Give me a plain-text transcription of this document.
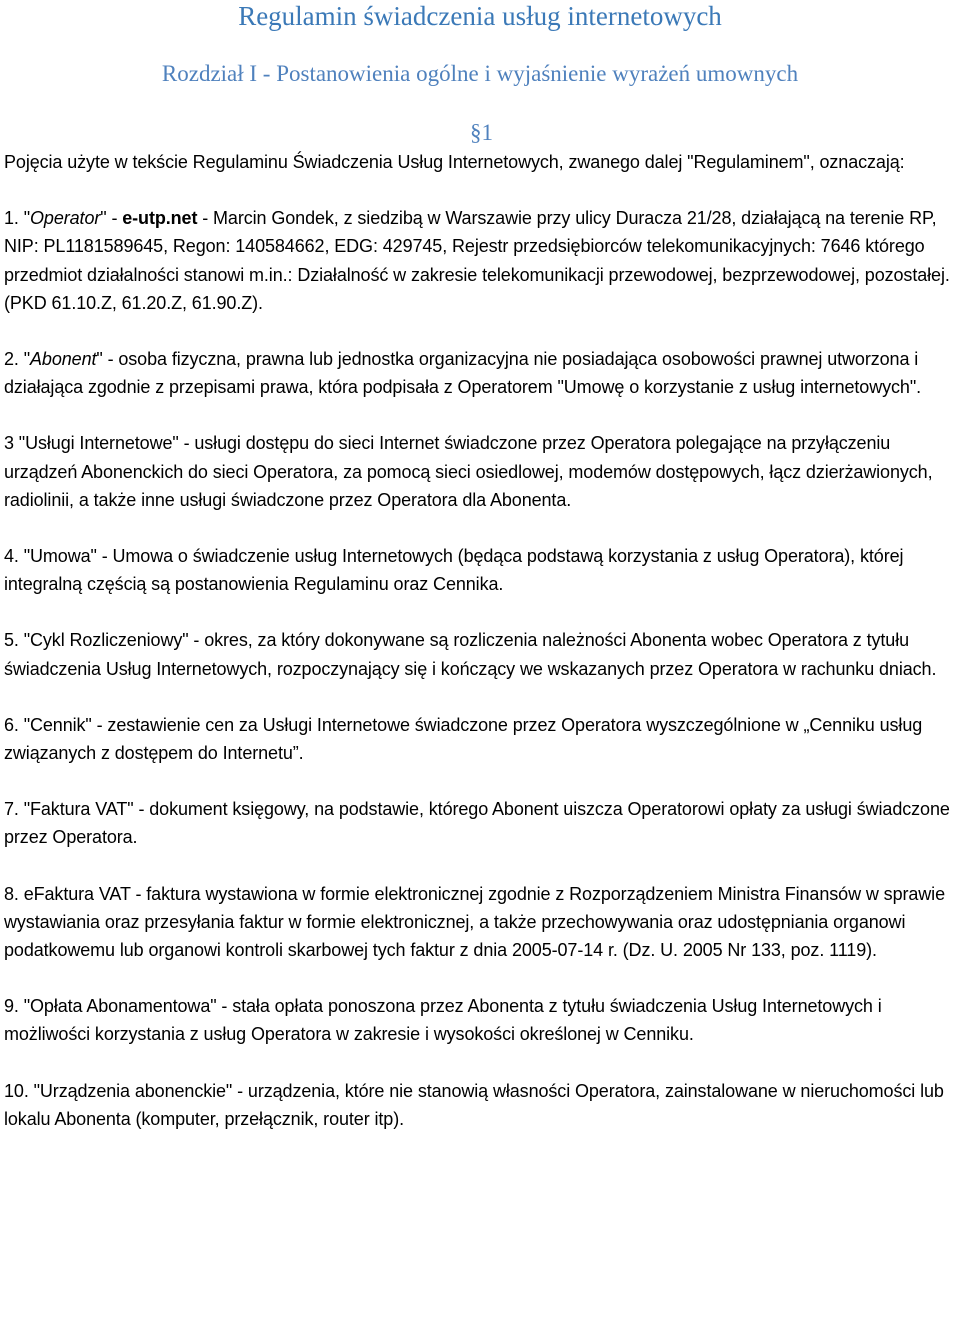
Regulamin świadczenia usług internetowych
Rozdział I - Postanowienia ogólne i wyjaśnienie wyrażeń umownych
§1

Pojęcia użyte w tekście Regulaminu Świadczenia Usług Internetowych, zwanego dalej "Regulaminem", oznaczają:

1. "Operator" - e-utp.net - Marcin Gondek, z siedzibą w Warszawie przy ulicy Duracza 21/28, działającą na terenie RP, NIP: PL1181589645, Regon: 140584662, EDG: 429745, Rejestr przedsiębiorców telekomunikacyjnych: 7646 którego przedmiot działalności stanowi m.in.: Działalność w zakresie telekomunikacji przewodowej, bezprzewodowej, pozostałej. (PKD 61.10.Z, 61.20.Z, 61.90.Z).

2. "Abonent" - osoba fizyczna, prawna lub jednostka organizacyjna nie posiadająca osobowości prawnej utworzona i działająca zgodnie z przepisami prawa, która podpisała z Operatorem "Umowę o korzystanie z usług internetowych".

3 "Usługi Internetowe" - usługi dostępu do sieci Internet świadczone przez Operatora polegające na przyłączeniu urządzeń Abonenckich do sieci Operatora, za pomocą sieci osiedlowej, modemów dostępowych, łącz dzierżawionych, radiolinii, a także inne usługi świadczone przez Operatora dla Abonenta.

4. "Umowa" - Umowa o świadczenie usług Internetowych (będąca podstawą korzystania z usług Operatora), której integralną częścią są postanowienia Regulaminu oraz Cennika.

5. "Cykl Rozliczeniowy" - okres, za który dokonywane są rozliczenia należności Abonenta wobec Operatora z tytułu świadczenia Usług Internetowych, rozpoczynający się i kończący we wskazanych przez Operatora w rachunku dniach.

6. "Cennik" - zestawienie cen za Usługi Internetowe świadczone przez Operatora wyszczególnione w „Cenniku usług związanych z dostępem do Internetu”.

7. "Faktura VAT" - dokument księgowy, na podstawie, którego Abonent uiszcza Operatorowi opłaty za usługi świadczone przez Operatora.

8. eFaktura VAT - faktura wystawiona w formie elektronicznej zgodnie z Rozporządzeniem Ministra Finansów w sprawie wystawiania oraz przesyłania faktur w formie elektronicznej, a także przechowywania oraz udostępniania organowi podatkowemu lub organowi kontroli skarbowej tych faktur z dnia 2005-07-14 r. (Dz. U. 2005 Nr 133, poz. 1119).

9. "Opłata Abonamentowa" - stała opłata ponoszona przez Abonenta z tytułu świadczenia Usług Internetowych i możliwości korzystania z usług Operatora w zakresie i wysokości określonej w Cenniku.

10. "Urządzenia abonenckie" - urządzenia, które nie stanowią własności Operatora, zainstalowane w nieruchomości lub lokalu Abonenta (komputer, przełącznik, router itp).
